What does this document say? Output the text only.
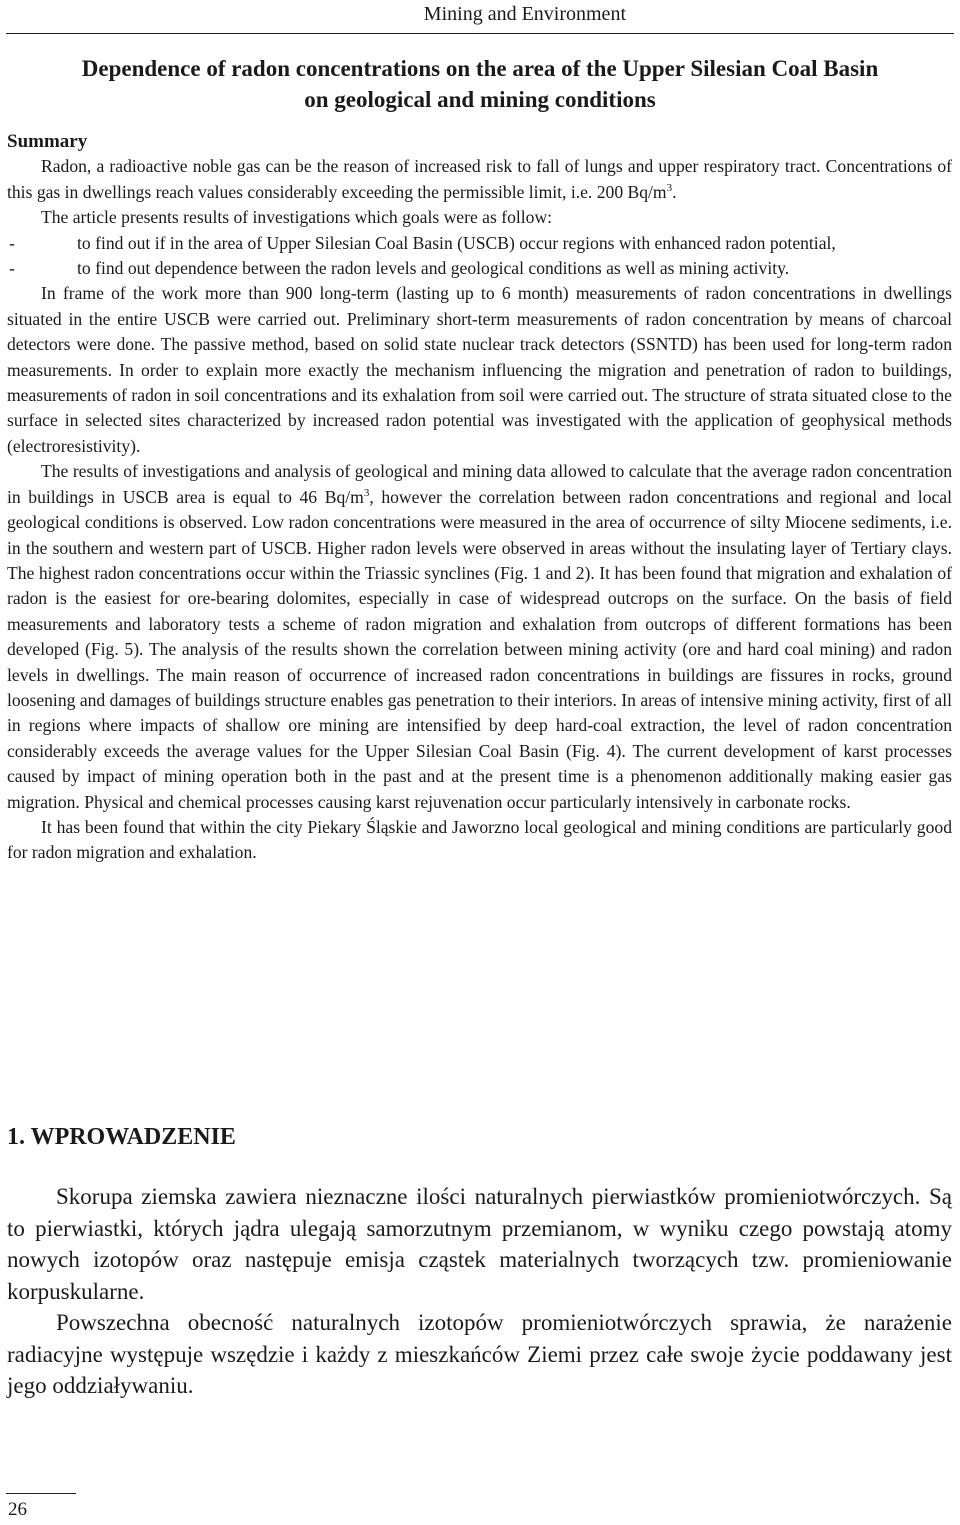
Mining and Environment
Dependence of radon concentrations on the area of the Upper Silesian Coal Basin
on geological and mining conditions

Summary

Radon, a radioactive noble gas can be the reason of increased risk to fall of lungs and upper respiratory tract. Concentrations of this gas in dwellings reach values considerably exceeding the permissible limit, i.e. 200 $Bq/m^3$.

The article presents results of investigations which goals were as follow:

-	to find out if in the area of Upper Silesian Coal Basin (USCB) occur regions with enhanced radon potential,
-	to find out dependence between the radon levels and geological conditions as well as mining activity.

In frame of the work more than 900 long-term (lasting up to 6 month) measurements of radon concentrations in dwellings situated in the entire USCB were carried out. Preliminary short-term measurements of radon concentration by means of charcoal detectors were done. The passive method, based on solid state nuclear track detectors (SSNTD) has been used for long-term radon measurements. In order to explain more exactly the mechanism influencing the migration and penetration of radon to buildings, measurements of radon in soil concentrations and its exhalation from soil were carried out. The structure of strata situated close to the surface in selected sites characterized by increased radon potential was investigated with the application of geophysical methods (electroresistivity).

The results of investigations and analysis of geological and mining data allowed to calculate that the average radon concentration in buildings in USCB area is equal to 46 $Bq/m^3$, however the correlation between radon concentrations and regional and local geological conditions is observed. Low radon concentrations were measured in the area of occurrence of silty Miocene sediments, i.e. in the southern and western part of USCB. Higher radon levels were observed in areas without the insulating layer of Tertiary clays. The highest radon concentrations occur within the Triassic synclines (Fig. 1 and 2). It has been found that migration and exhalation of radon is the easiest for ore-bearing dolomites, especially in case of widespread outcrops on the surface. On the basis of field measurements and laboratory tests a scheme of radon migration and exhalation from outcrops of different formations has been developed (Fig. 5). The analysis of the results shown the correlation between mining activity (ore and hard coal mining) and radon levels in dwellings. The main reason of occurrence of increased radon concentrations in buildings are fissures in rocks, ground loosening and damages of buildings structure enables gas penetration to their interiors. In areas of intensive mining activity, first of all in regions where impacts of shallow ore mining are intensified by deep hard-coal extraction, the level of radon concentration considerably exceeds the average values for the Upper Silesian Coal Basin (Fig. 4). The current development of karst processes caused by impact of mining operation both in the past and at the present time is a phenomenon additionally making easier gas migration. Physical and chemical processes causing karst rejuvenation occur particularly intensively in carbonate rocks.

It has been found that within the city Piekary Śląskie and Jaworzno local geological and mining conditions are particularly good for radon migration and exhalation.

1. WPROWADZENIE

Skorupa ziemska zawiera nieznaczne ilości naturalnych pierwiastków promieniotwórczych. Są to pierwiastki, których jądra ulegają samorzutnym przemianom, w wyniku czego powstają atomy nowych izotopów oraz następuje emisja cząstek materialnych tworzących tzw. promieniowanie korpuskularne.

Powszechna obecność naturalnych izotopów promieniotwórczych sprawia, że narażenie radiacyjne występuje wszędzie i każdy z mieszkańców Ziemi przez całe swoje życie poddawany jest jego oddziaływaniu.

26
